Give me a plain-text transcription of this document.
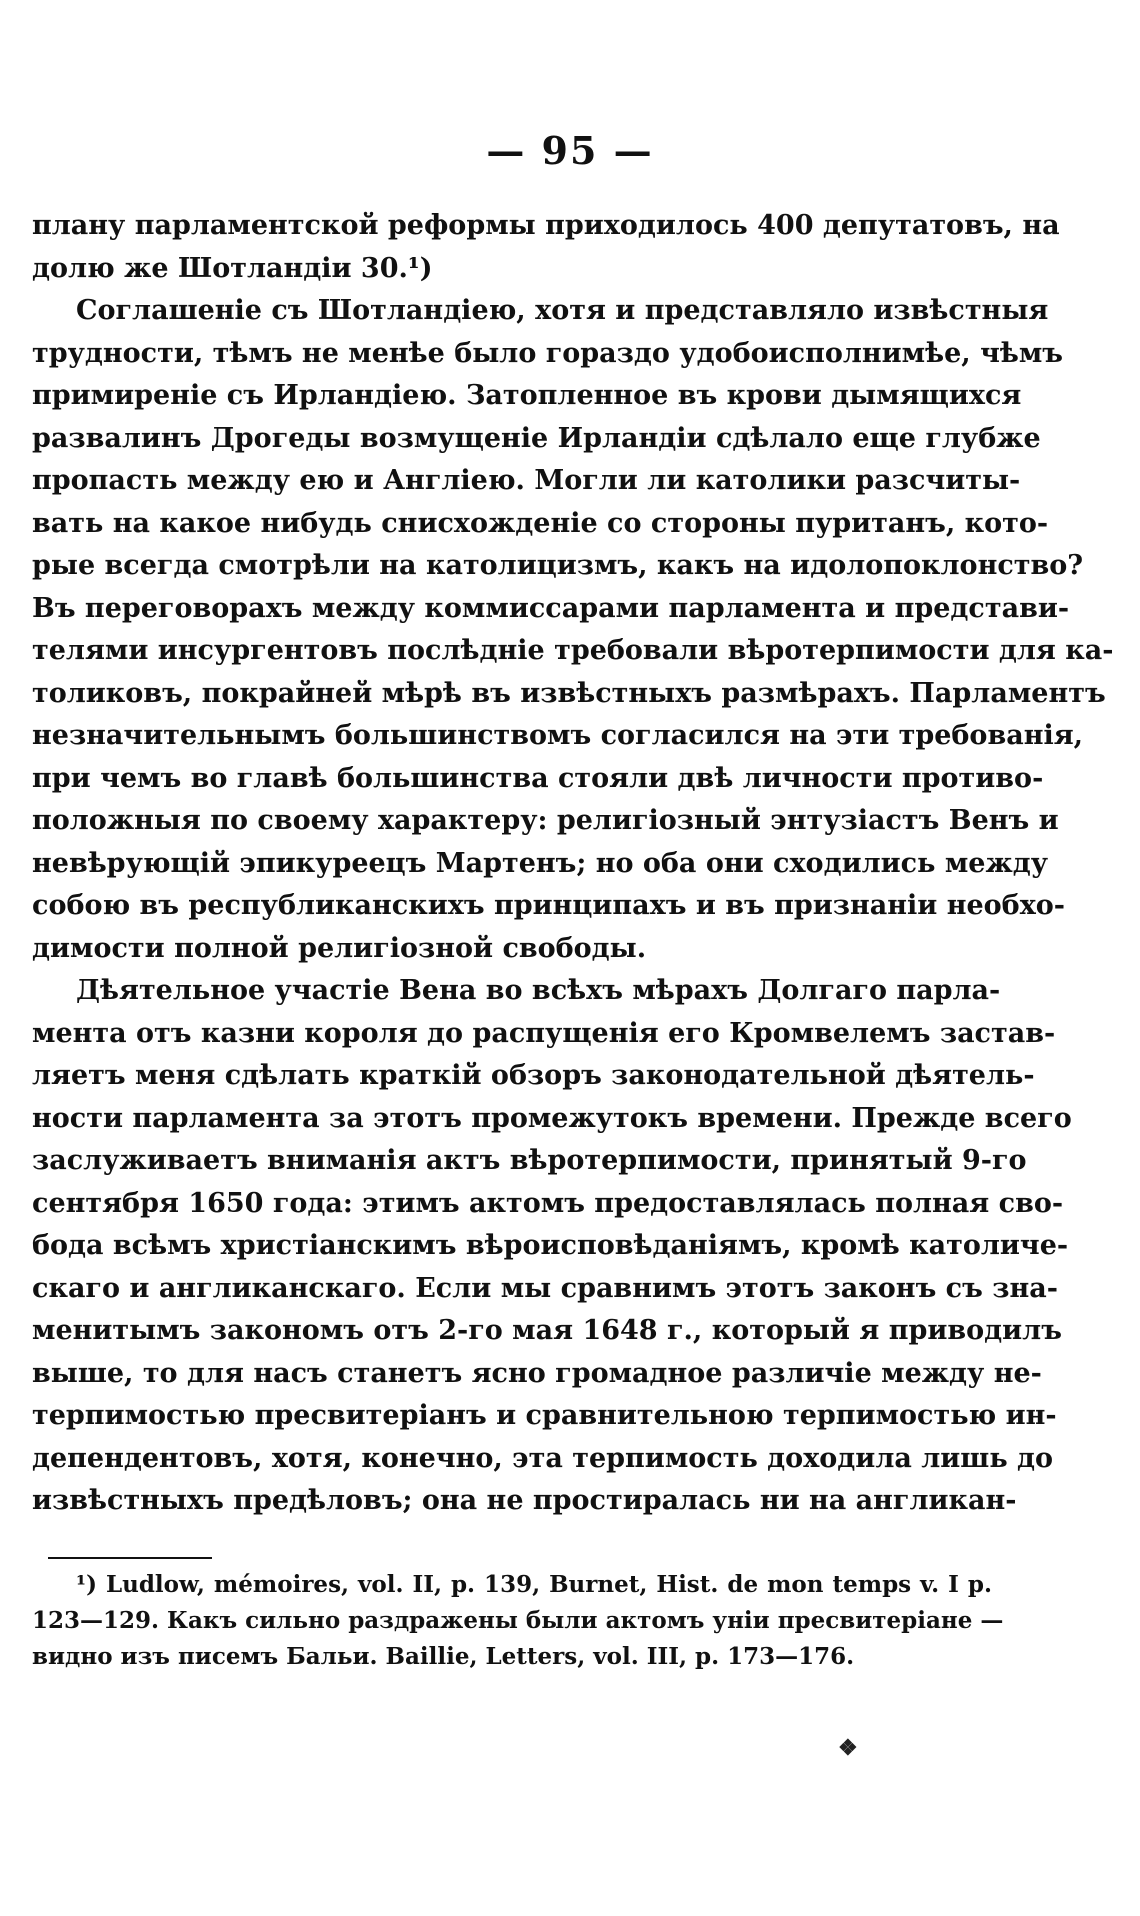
— 95 —
плану парламентской реформы приходилось 400 депутатовъ, на
долю же Шотландіи 30.¹)
Соглашеніе съ Шотландіею, хотя и представляло извѣстныя
трудности, тѣмъ не менѣе было гораздо удобоисполнимѣе, чѣмъ
примиреніе съ Ирландіею. Затопленное въ крови дымящихся
развалинъ Дрогеды возмущеніе Ирландіи сдѣлало еще глубже
пропасть между ею и Англіею. Могли ли католики разсчиты-
вать на какое нибудь снисхожденіе со стороны пуританъ, кото-
рые всегда смотрѣли на католицизмъ, какъ на идолопоклонство?
Въ переговорахъ между коммиссарами парламента и представи-
телями инсургентовъ послѣдніе требовали вѣротерпимости для ка-
толиковъ, покрайней мѣрѣ въ извѣстныхъ размѣрахъ. Парламентъ
незначительнымъ большинствомъ согласился на эти требованія,
при чемъ во главѣ большинства стояли двѣ личности противо-
положныя по своему характеру: религіозный энтузіастъ Венъ и
невѣрующій эпикуреецъ Мартенъ; но оба они сходились между
собою въ республиканскихъ принципахъ и въ признаніи необхо-
димости полной религіозной свободы.
Дѣятельное участіе Вена во всѣхъ мѣрахъ Долгаго парла-
мента отъ казни короля до распущенія его Кромвелемъ застав-
ляетъ меня сдѣлать краткій обзоръ законодательной дѣятель-
ности парламента за этотъ промежутокъ времени. Прежде всего
заслуживаетъ вниманія актъ вѣротерпимости, принятый 9-го
сентября 1650 года: этимъ актомъ предоставлялась полная сво-
бода всѣмъ христіанскимъ вѣроисповѣданіямъ, кромѣ католиче-
скаго и англиканскаго. Если мы сравнимъ этотъ законъ съ зна-
менитымъ закономъ отъ 2-го мая 1648 г., который я приводилъ
выше, то для насъ станетъ ясно громадное различіе между не-
терпимостью пресвитеріанъ и сравнительною терпимостью ин-
депендентовъ, хотя, конечно, эта терпимость доходила лишь до
извѣстныхъ предѣловъ; она не простиралась ни на англикан-
¹) Ludlow, mémoires, vol. II, p. 139, Burnet, Hist. de mon temps v. I p.
123—129. Какъ сильно раздражены были актомъ уніи пресвитеріане —
видно изъ писемъ Бальи. Baillie, Letters, vol. III, p. 173—176.
❖
